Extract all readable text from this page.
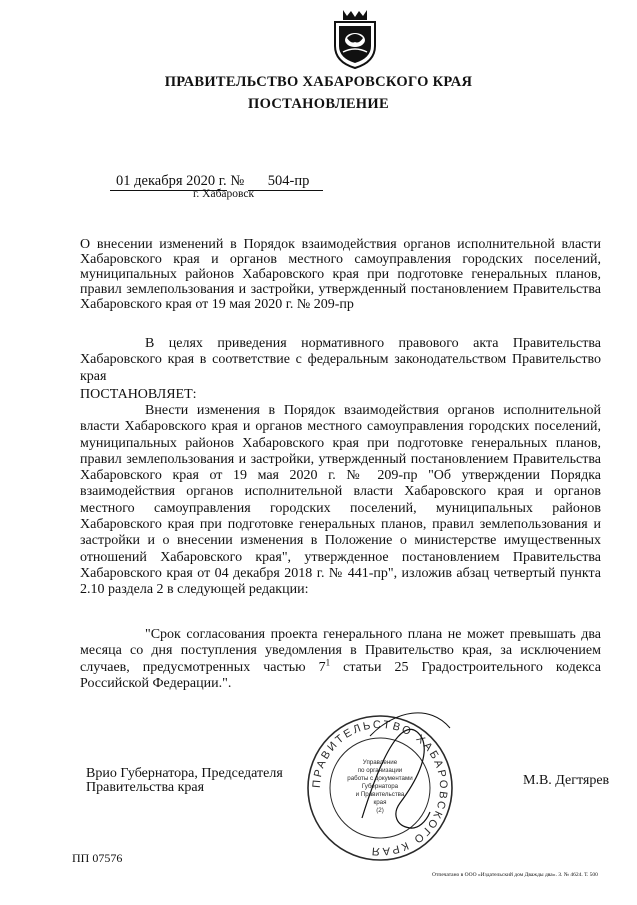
ПРАВИТЕЛЬСТВО ХАБАРОВСКОГО КРАЯ
ПОСТАНОВЛЕНИЕ
01 декабря 2020 г. № 504-пр
г. Хабаровск

О внесении изменений в Порядок взаимодействия органов исполнительной власти Хабаровского края и органов местного самоуправления городских поселений, муниципальных районов Хабаровского края при подготовке генеральных планов, правил землепользования и застройки, утвержденный постановлением Правительства Хабаровского края от 19 мая 2020 г. № 209-пр

В целях приведения нормативного правового акта Правительства Хабаровского края в соответствие с федеральным законодательством Правительство края
ПОСТАНОВЛЯЕТ:
Внести изменения в Порядок взаимодействия органов исполнительной власти Хабаровского края и органов местного самоуправления городских поселений, муниципальных районов Хабаровского края при подготовке генеральных планов, правил землепользования и застройки, утвержденный постановлением Правительства Хабаровского края от 19 мая 2020 г. № 209-пр "Об утверждении Порядка взаимодействия органов исполнительной власти Хабаровского края и органов местного самоуправления городских поселений, муниципальных районов Хабаровского края при подготовке генеральных планов, правил землепользования и застройки и о внесении изменения в Положение о министерстве имущественных отношений Хабаровского края", утвержденное постановлением Правительства Хабаровского края от 04 декабря 2018 г. № 441-пр", изложив абзац четвертый пункта 2.10 раздела 2 в следующей редакции:
"Срок согласования проекта генерального плана не может превышать два месяца со дня поступления уведомления в Правительство края, за исключением случаев, предусмотренных частью $7^1$ статьи 25 Градостроительного кодекса Российской Федерации.".
ПРАВИТЕЛЬСТВО ХАБАРОВСКОГО КРАЯ
Управление
по организации
работы с документами
Губернатора
и Правительства
края
(2)
Врио Губернатора, Председателя
Правительства края	М.В. Дегтярев
ПП 07576
Отпечатано в ООО «Издательский дом Дважды два». З. № 4624. Т. 500
